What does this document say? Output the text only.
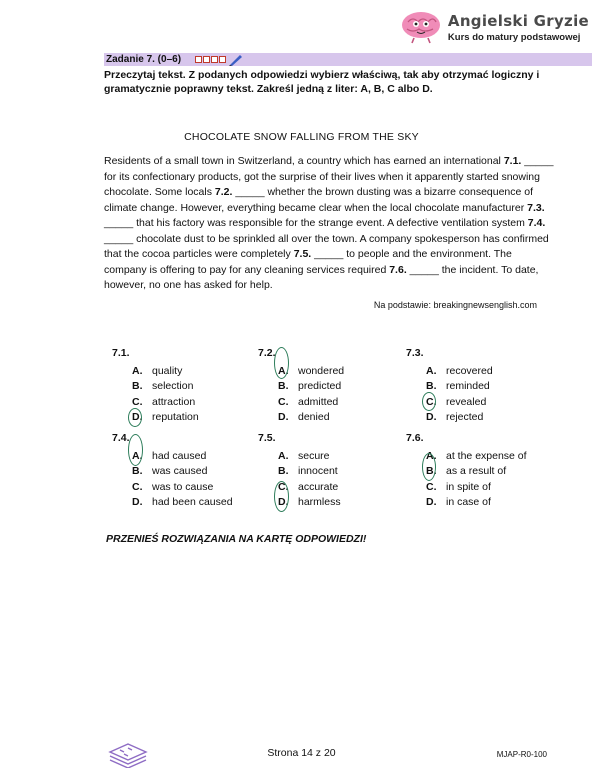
Angielski Gryzie
Kurs do matury podstawowej
Zadanie 7. (0–6)
Przeczytaj tekst. Z podanych odpowiedzi wybierz właściwą, tak aby otrzymać logiczny i gramatycznie poprawny tekst. Zakreśl jedną z liter: A, B, C albo D.
CHOCOLATE SNOW FALLING FROM THE SKY
Residents of a small town in Switzerland, a country which has earned an international 7.1. _____ for its confectionary products, got the surprise of their lives when it apparently started snowing chocolate. Some locals 7.2. _____ whether the brown dusting was a bizarre consequence of climate change. However, everything became clear when the local chocolate manufacturer 7.3. _____ that his factory was responsible for the strange event. A defective ventilation system 7.4. _____ chocolate dust to be sprinkled all over the town. A company spokesperson has confirmed that the cocoa particles were completely 7.5. _____ to people and the environment. The company is offering to pay for any cleaning services required 7.6. _____ the incident. To date, however, no one has asked for help.
Na podstawie: breakingnewsenglish.com
7.1.
A. quality
B. selection
C. attraction
D. reputation
7.2.
A. wondered
B. predicted
C. admitted
D. denied
7.3.
A. recovered
B. reminded
C. revealed
D. rejected
7.4.
A. had caused
B. was caused
C. was to cause
D. had been caused
7.5.
A. secure
B. innocent
C. accurate
D. harmless
7.6.
A. at the expense of
B. as a result of
C. in spite of
D. in case of
PRZENIEŚ ROZWIĄZANIA NA KARTĘ ODPOWIEDZI!
Strona 14 z 20	MJAP-R0-100
